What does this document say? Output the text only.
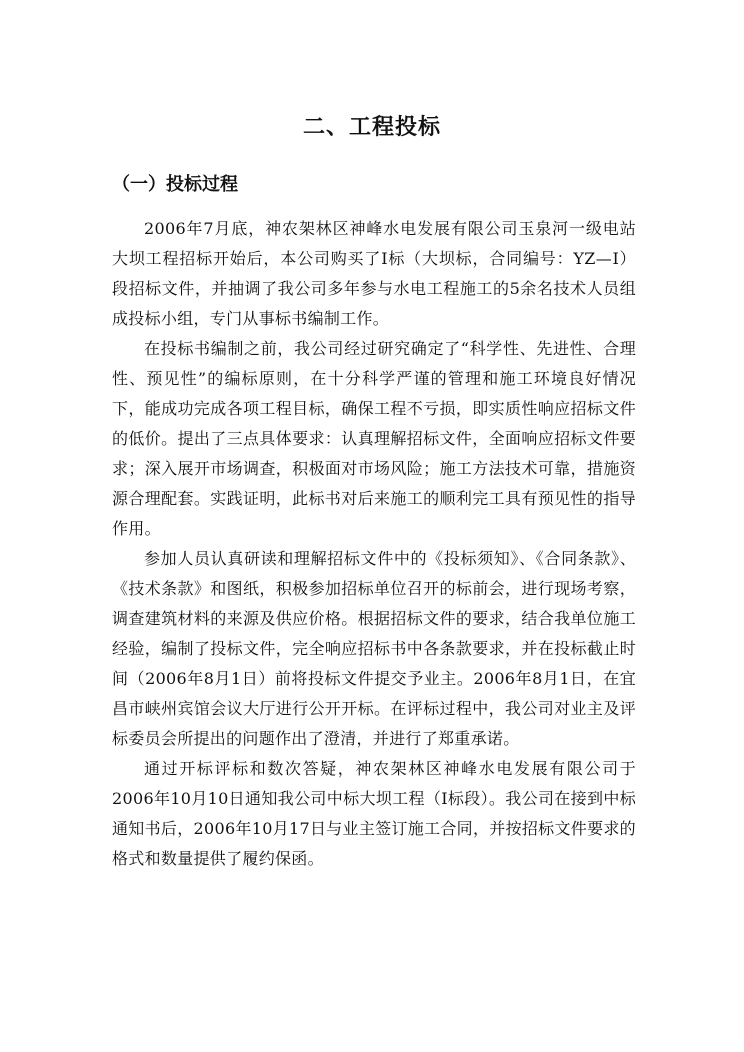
二、工程投标
（一）投标过程

2006年7月底，神农架林区神峰水电发展有限公司玉泉河一级电站大坝工程招标开始后，本公司购买了Ⅰ标（大坝标，合同编号：YZ—Ⅰ）段招标文件，并抽调了我公司多年参与水电工程施工的5余名技术人员组成投标小组，专门从事标书编制工作。

在投标书编制之前，我公司经过研究确定了“科学性、先进性、合理性、预见性”的编标原则，在十分科学严谨的管理和施工环境良好情况下，能成功完成各项工程目标，确保工程不亏损，即实质性响应招标文件的低价。提出了三点具体要求：认真理解招标文件，全面响应招标文件要求；深入展开市场调查，积极面对市场风险；施工方法技术可靠，措施资源合理配套。实践证明，此标书对后来施工的顺利完工具有预见性的指导作用。

参加人员认真研读和理解招标文件中的《投标须知》、《合同条款》、《技术条款》和图纸，积极参加招标单位召开的标前会，进行现场考察，调查建筑材料的来源及供应价格。根据招标文件的要求，结合我单位施工经验，编制了投标文件，完全响应招标书中各条款要求，并在投标截止时间（2006年8月1日）前将投标文件提交予业主。2006年8月1日，在宜昌市峡州宾馆会议大厅进行公开开标。在评标过程中，我公司对业主及评标委员会所提出的问题作出了澄清，并进行了郑重承诺。

通过开标评标和数次答疑，神农架林区神峰水电发展有限公司于2006年10月10日通知我公司中标大坝工程（Ⅰ标段）。我公司在接到中标通知书后，2006年10月17日与业主签订施工合同，并按招标文件要求的格式和数量提供了履约保函。
